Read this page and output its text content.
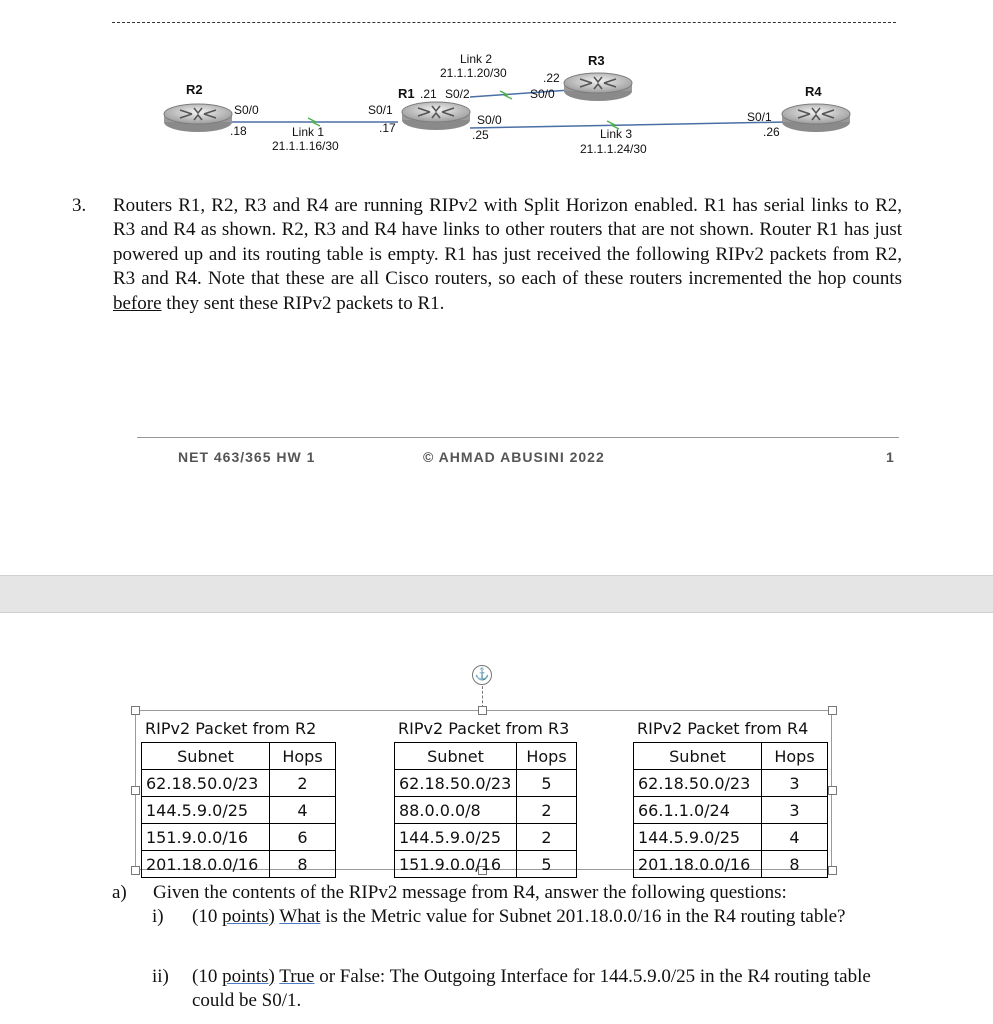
R2	R1
R3
R4
S0/0
.18	Link 1
21.1.1.16/30
S0/1
.17
.21 S0/2
S0/0
.25
Link 2
21.1.1.20/30	.22
S0/0
Link 3
21.1.1.24/30
S0/1
.26
3. Routers R1, R2, R3 and R4 are running RIPv2 with Split Horizon enabled. R1 has serial links to R2, R3 and R4 as shown. R2, R3 and R4 have links to other routers that are not shown. Router R1 has just powered up and its routing table is empty. R1 has just received the following RIPv2 packets from R2, R3 and R4. Note that these are all Cisco routers, so each of these routers incremented the hop counts before they sent these RIPv2 packets to R1.
NET 463/365 HW 1	© AHMAD ABUSINI 2022	1
⚓
RIPv2 Packet from R2
Subnet	Hops
62.18.50.0/23	2
144.5.9.0/25	4
151.9.0.0/16	6
201.18.0.0/16	8
RIPv2 Packet from R3
Subnet	Hops
62.18.50.0/23	5
88.0.0.0/8	2
144.5.9.0/25	2
151.9.0.0/16	5
RIPv2 Packet from R4
Subnet	Hops
62.18.50.0/23	3
66.1.1.0/24	3
144.5.9.0/25	4
201.18.0.0/16	8
a) Given the contents of the RIPv2 message from R4, answer the following questions:
i) (10 points) What is the Metric value for Subnet 201.18.0.0/16 in the R4 routing table?
ii) (10 points) True or False: The Outgoing Interface for 144.5.9.0/25 in the R4 routing table could be S0/1.
